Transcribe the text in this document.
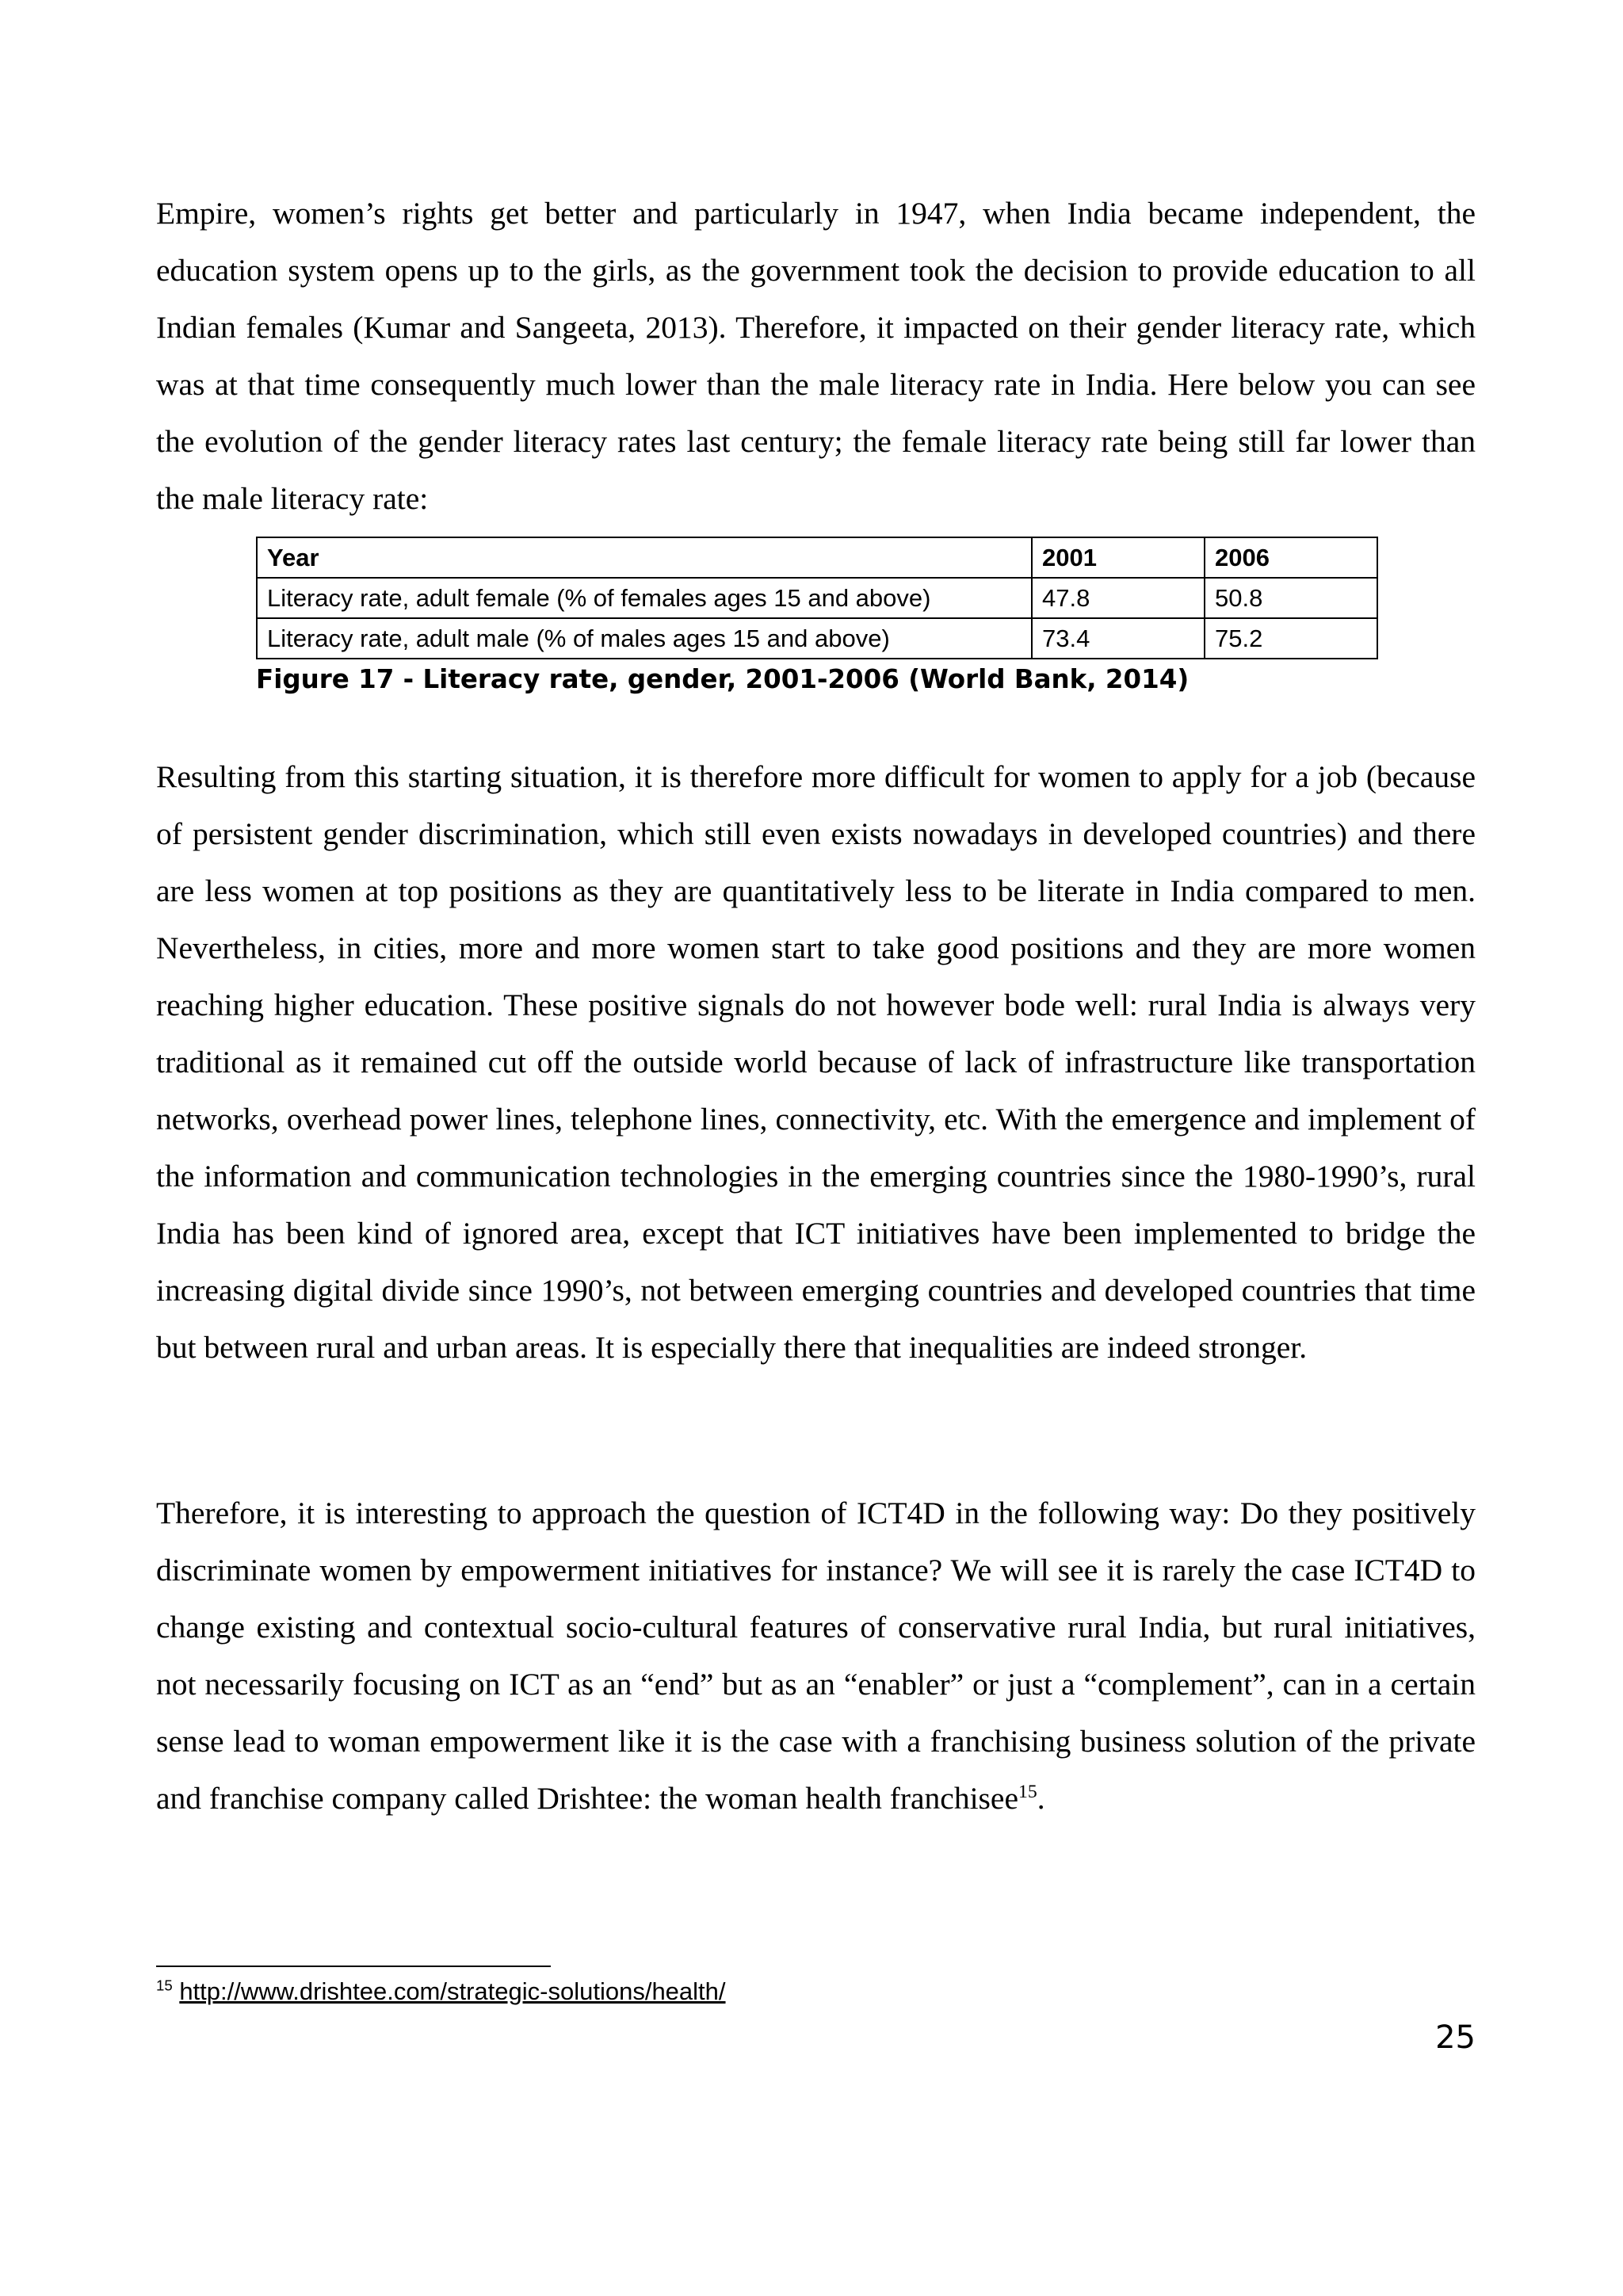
Empire, women’s rights get better and particularly in 1947, when India became independent, the education system opens up to the girls, as the government took the decision to provide education to all Indian females (Kumar and Sangeeta, 2013). Therefore, it impacted on their gender literacy rate, which was at that time consequently much lower than the male literacy rate in India. Here below you can see the evolution of the gender literacy rates last century; the female literacy rate being still far lower than the male literacy rate:

Year	2001	2006
Literacy rate, adult female (% of females ages 15 and above)	47.8	50.8
Literacy rate, adult male (% of males ages 15 and above)	73.4	75.2
Figure 17 - Literacy rate, gender, 2001-2006 (World Bank, 2014)

Resulting from this starting situation, it is therefore more difficult for women to apply for a job (because of persistent gender discrimination, which still even exists nowadays in developed countries) and there are less women at top positions as they are quantitatively less to be literate in India compared to men. Nevertheless, in cities, more and more women start to take good positions and they are more women reaching higher education. These positive signals do not however bode well: rural India is always very traditional as it remained cut off the outside world because of lack of infrastructure like transportation networks, overhead power lines, telephone lines, connectivity, etc. With the emergence and implement of the information and communication technologies in the emerging countries since the 1980-1990’s, rural India has been kind of ignored area, except that ICT initiatives have been implemented to bridge the increasing digital divide since 1990’s, not between emerging countries and developed countries that time but between rural and urban areas. It is especially there that inequalities are indeed stronger.

Therefore, it is interesting to approach the question of ICT4D in the following way: Do they positively discriminate women by empowerment initiatives for instance? We will see it is rarely the case ICT4D to change existing and contextual socio-cultural features of conservative rural India, but rural initiatives, not necessarily focusing on ICT as an “end” but as an “enabler” or just a “complement”, can in a certain sense lead to woman empowerment like it is the case with a franchising business solution of the private and franchise company called Drishtee: the woman health franchisee$^{15}$.

$^{15}$ http://www.drishtee.com/strategic-solutions/health/
25
